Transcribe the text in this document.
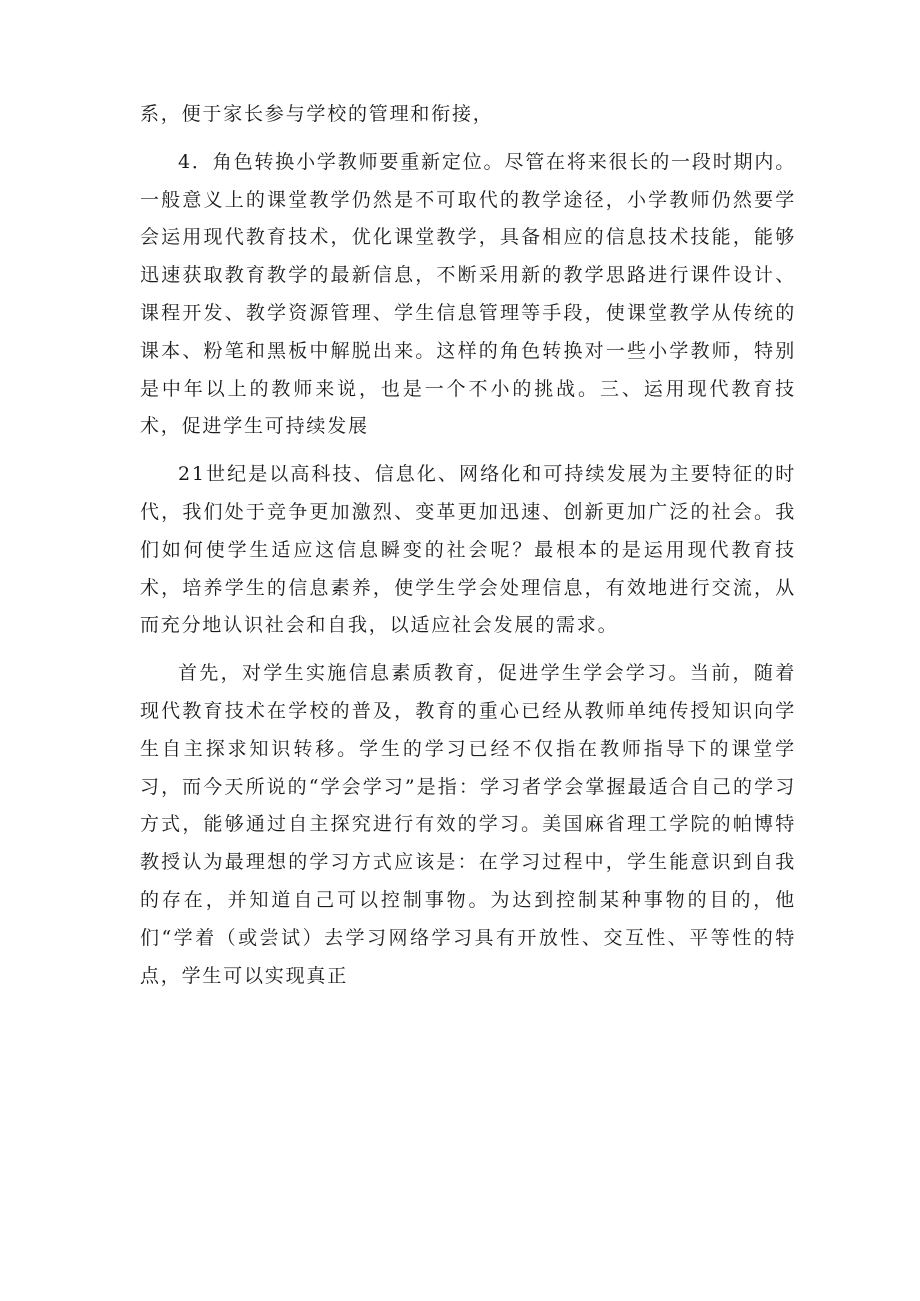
系，便于家长参与学校的管理和衔接，

4．角色转换小学教师要重新定位。尽管在将来很长的一段时期内。一般意义上的课堂教学仍然是不可取代的教学途径，小学教师仍然要学会运用现代教育技术，优化课堂教学，具备相应的信息技术技能，能够迅速获取教育教学的最新信息，不断采用新的教学思路进行课件设计、课程开发、教学资源管理、学生信息管理等手段，使课堂教学从传统的课本、粉笔和黑板中解脱出来。这样的角色转换对一些小学教师，特别是中年以上的教师来说，也是一个不小的挑战。三、运用现代教育技术，促进学生可持续发展

21世纪是以高科技、信息化、网络化和可持续发展为主要特征的时代，我们处于竞争更加激烈、变革更加迅速、创新更加广泛的社会。我们如何使学生适应这信息瞬变的社会呢？最根本的是运用现代教育技术，培养学生的信息素养，使学生学会处理信息，有效地进行交流，从而充分地认识社会和自我，以适应社会发展的需求。

首先，对学生实施信息素质教育，促进学生学会学习。当前，随着现代教育技术在学校的普及，教育的重心已经从教师单纯传授知识向学生自主探求知识转移。学生的学习已经不仅指在教师指导下的课堂学习，而今天所说的“学会学习”是指：学习者学会掌握最适合自己的学习方式，能够通过自主探究进行有效的学习。美国麻省理工学院的帕博特教授认为最理想的学习方式应该是：在学习过程中，学生能意识到自我的存在，并知道自己可以控制事物。为达到控制某种事物的目的，他们“学着（或尝试）去学习网络学习具有开放性、交互性、平等性的特点，学生可以实现真正
